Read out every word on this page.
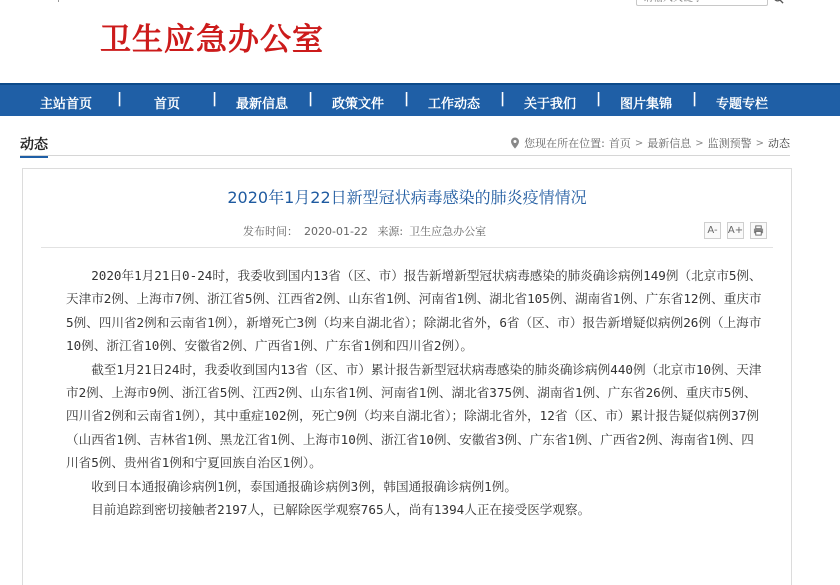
请输入关键字
卫生应急办公室
主站首页 | 首页 | 最新信息 | 政策文件 | 工作动态 | 关于我们 | 图片集锦 | 专题专栏
动态	您现在所在位置: 首页 > 最新信息 > 监测预警 > 动态
2020年1月22日新型冠状病毒感染的肺炎疫情情况
发布时间： 2020-01-22 来源: 卫生应急办公室	A- A+

2020年1月21日0-24时，我委收到国内13省（区、市）报告新增新型冠状病毒感染的肺炎确诊病例149例（北京市5例、天津市2例、上海市7例、浙江省5例、江西省2例、山东省1例、河南省1例、湖北省105例、湖南省1例、广东省12例、重庆市5例、四川省2例和云南省1例），新增死亡3例（均来自湖北省）；除湖北省外，6省（区、市）报告新增疑似病例26例（上海市10例、浙江省10例、安徽省2例、广西省1例、广东省1例和四川省2例）。

截至1月21日24时，我委收到国内13省（区、市）累计报告新型冠状病毒感染的肺炎确诊病例440例（北京市10例、天津市2例、上海市9例、浙江省5例、江西2例、山东省1例、河南省1例、湖北省375例、湖南省1例、广东省26例、重庆市5例、四川省2例和云南省1例），其中重症102例，死亡9例（均来自湖北省）；除湖北省外，12省（区、市）累计报告疑似病例37例（山西省1例、吉林省1例、黑龙江省1例、上海市10例、浙江省10例、安徽省3例、广东省1例、广西省2例、海南省1例、四川省5例、贵州省1例和宁夏回族自治区1例）。

收到日本通报确诊病例1例，泰国通报确诊病例3例，韩国通报确诊病例1例。

目前追踪到密切接触者2197人，已解除医学观察765人，尚有1394人正在接受医学观察。
